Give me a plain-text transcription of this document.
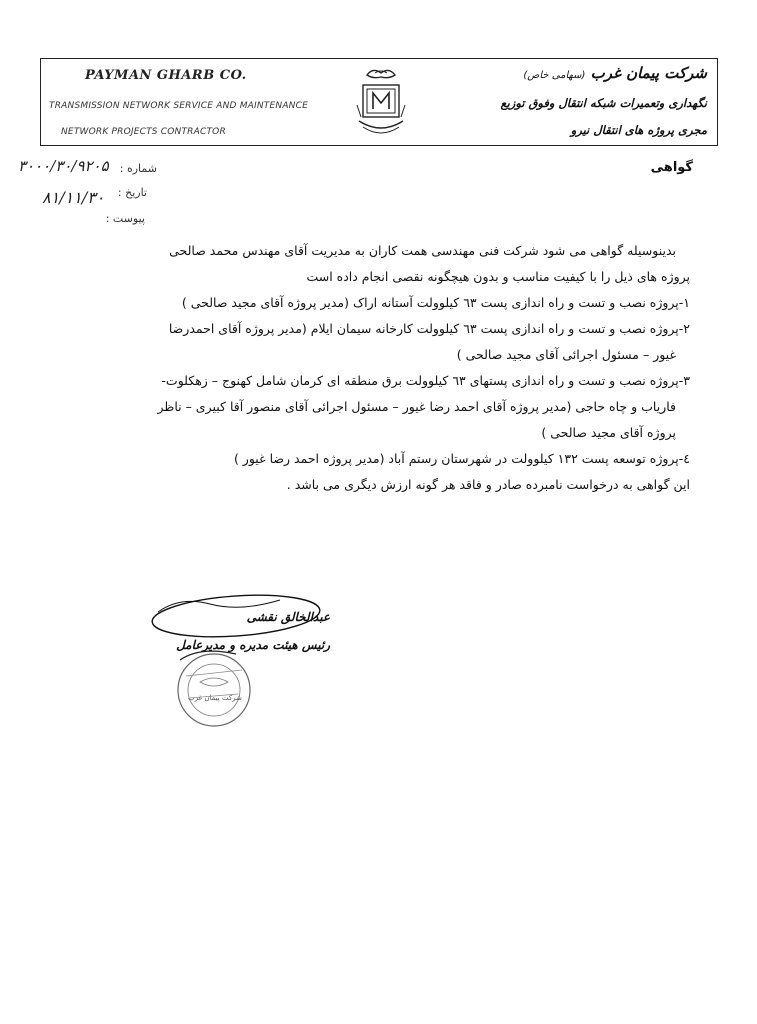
PAYMAN GHARB CO.
TRANSMISSION NETWORK SERVICE AND MAINTENANCE
NETWORK PROJECTS CONTRACTOR
شرکت پیمان غرب (سهامی خاص)
نگهداری وتعمیرات شبکه انتقال وفوق توزیع
مجری پروژه های انتقال نیرو
شماره :
۳۰۰۰/۳۰/۹۲۰۵
تاریخ :
۸۱/۱۱/۳۰
پیوست :
گواهی

بدینوسیله گواهی می شود شرکت فنی مهندسی همت کاران به مدیریت آقای مهندس محمد صالحی

پروژه های ذیل را با کیفیت مناسب و بدون هیچگونه نقصی انجام داده است

۱-پروژه نصب و تست و راه اندازی پست ٦٣ کیلوولت آستانه اراک (مدیر پروژه آقای مجید صالحی )

۲-پروژه نصب و تست و راه اندازی پست ٦٣ کیلوولت کارخانه سیمان ایلام (مدیر پروژه آقای احمدرضا

غیور – مسئول اجرائی آقای مجید صالحی )

۳-پروژه نصب و تست و راه اندازی پستهای ٦٣ کیلوولت برق منطقه ای کرمان شامل کهنوج – زهکلوت-

فاریاب و چاه حاجی (مدیر پروژه آقای احمد رضا غیور – مسئول اجرائی آقای منصور آقا کبیری – ناظر

پروژه آقای مجید صالحی )

٤-پروژه توسعه پست ۱۳۲ کیلوولت در شهرستان رستم آباد (مدیر پروژه احمد رضا غیور )

این گواهی به درخواست نامبرده صادر و فاقد هر گونه ارزش دیگری می باشد .

عبدالخالق نقشی
رئیس هیئت مدیره و مدیرعامل
شرکت پیمان غرب
